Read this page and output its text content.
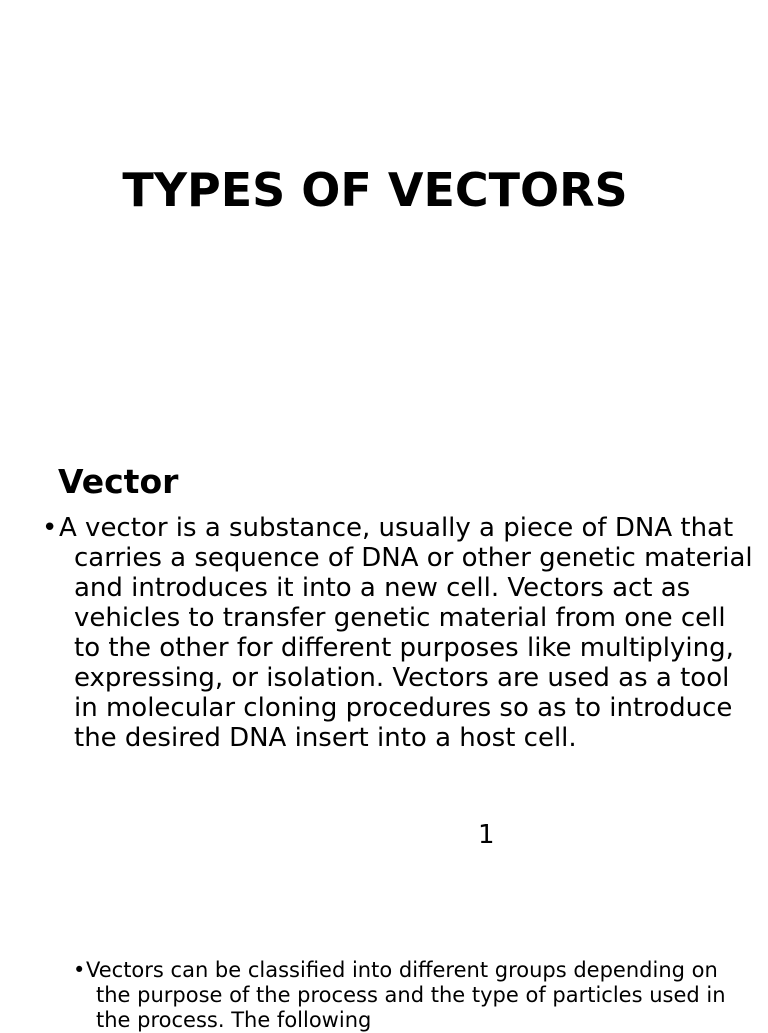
TYPES OF VECTORS
Vector

•A vector is a substance, usually a piece of DNA that carries a sequence of DNA or other genetic material and introduces it into a new cell. Vectors act as vehicles to transfer genetic material from one cell to the other for different purposes like multiplying, expressing, or isolation. Vectors are used as a tool in molecular cloning procedures so as to introduce the desired DNA insert into a host cell.

1

•Vectors can be classified into different groups depending on the purpose of the process and the type of particles used in the process. The following
